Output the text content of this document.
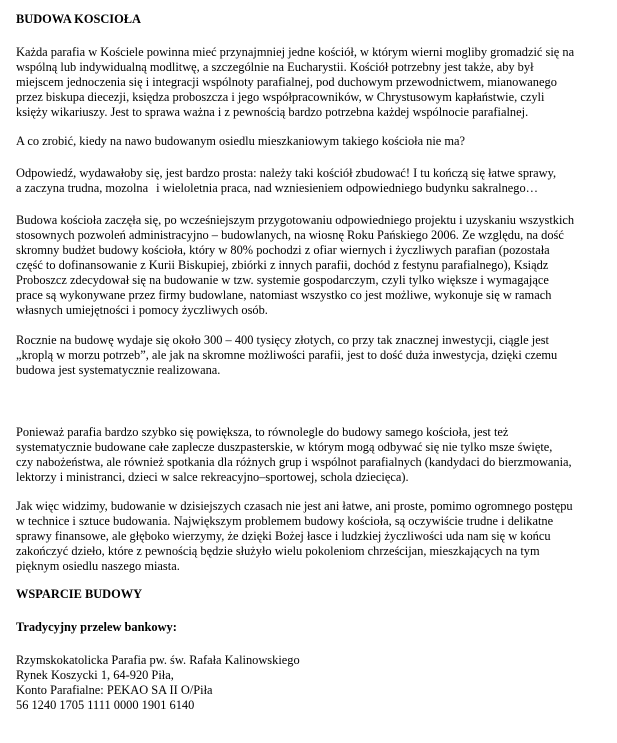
BUDOWA KOSCIOŁA
Każda parafia w Kościele powinna mieć przynajmniej jedne kościół, w którym wierni mogliby gromadzić się na
wspólną lub indywidualną modlitwę, a szczególnie na Eucharystii. Kościół potrzebny jest także, aby był
miejscem jednoczenia się i integracji wspólnoty parafialnej, pod duchowym przewodnictwem, mianowanego
przez biskupa diecezji, księdza proboszcza i jego współpracowników, w Chrystusowym kapłaństwie, czyli
księży wikariuszy. Jest to sprawa ważna i z pewnością bardzo potrzebna każdej wspólnocie parafialnej.
A co zrobić, kiedy na nawo budowanym osiedlu mieszkaniowym takiego kościoła nie ma?
Odpowiedź, wydawałoby się, jest bardzo prosta: należy taki kościół zbudować! I tu kończą się łatwe sprawy,
a zaczyna trudna, mozolna i wieloletnia praca, nad wzniesieniem odpowiedniego budynku sakralnego…
Budowa kościoła zaczęła się, po wcześniejszym przygotowaniu odpowiedniego projektu i uzyskaniu wszystkich
stosownych pozwoleń administracyjno – budowlanych, na wiosnę Roku Pańskiego 2006. Ze względu, na dość
skromny budżet budowy kościoła, który w 80% pochodzi z ofiar wiernych i życzliwych parafian (pozostała
część to dofinansowanie z Kurii Biskupiej, zbiórki z innych parafii, dochód z festynu parafialnego), Ksiądz
Proboszcz zdecydował się na budowanie w tzw. systemie gospodarczym, czyli tylko większe i wymagające
prace są wykonywane przez firmy budowlane, natomiast wszystko co jest możliwe, wykonuje się w ramach
własnych umiejętności i pomocy życzliwych osób.
Rocznie na budowę wydaje się około 300 – 400 tysięcy złotych, co przy tak znacznej inwestycji, ciągle jest
„kroplą w morzu potrzeb”, ale jak na skromne możliwości parafii, jest to dość duża inwestycja, dzięki czemu
budowa jest systematycznie realizowana.
Ponieważ parafia bardzo szybko się powiększa, to równolegle do budowy samego kościoła, jest też
systematycznie budowane całe zaplecze duszpasterskie, w którym mogą odbywać się nie tylko msze święte,
czy nabożeństwa, ale również spotkania dla różnych grup i wspólnot parafialnych (kandydaci do bierzmowania,
lektorzy i ministranci, dzieci w salce rekreacyjno–sportowej, schola dziecięca).
Jak więc widzimy, budowanie w dzisiejszych czasach nie jest ani łatwe, ani proste, pomimo ogromnego postępu
w technice i sztuce budowania. Największym problemem budowy kościoła, są oczywiście trudne i delikatne
sprawy finansowe, ale głęboko wierzymy, że dzięki Bożej łasce i ludzkiej życzliwości uda nam się w końcu
zakończyć dzieło, które z pewnością będzie służyło wielu pokoleniom chrześcijan, mieszkających na tym
pięknym osiedlu naszego miasta.
WSPARCIE BUDOWY
Tradycyjny przelew bankowy:
Rzymskokatolicka Parafia pw. św. Rafała Kalinowskiego
Rynek Koszycki 1, 64-920 Piła,
Konto Parafialne: PEKAO SA II O/Piła
56 1240 1705 1111 0000 1901 6140
